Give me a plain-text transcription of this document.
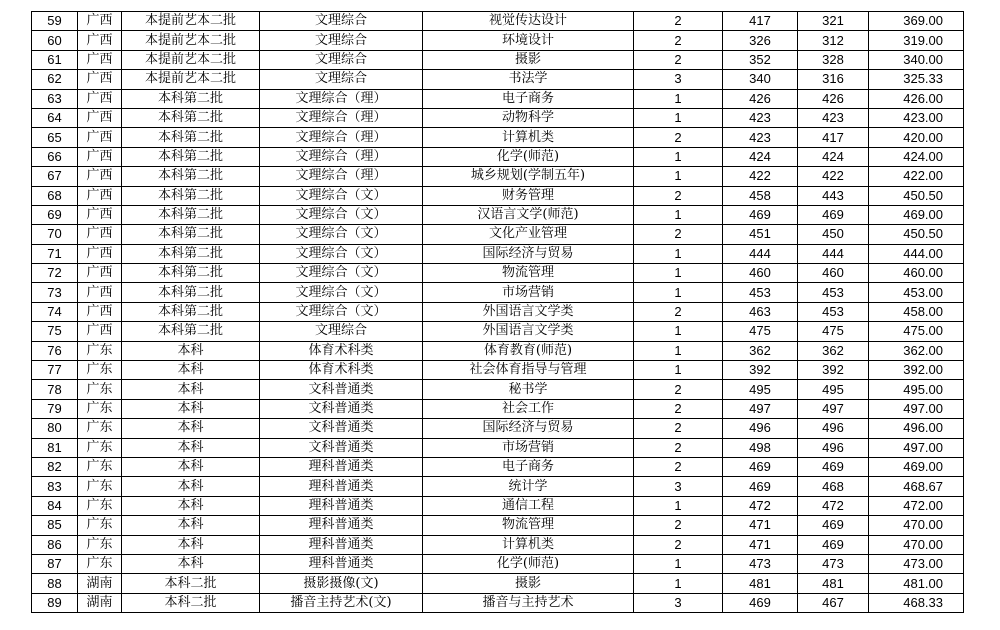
59	广西	本提前艺本二批	文理综合	视觉传达设计	2	417	321	369.00
60	广西	本提前艺本二批	文理综合	环境设计	2	326	312	319.00
61	广西	本提前艺本二批	文理综合	摄影	2	352	328	340.00
62	广西	本提前艺本二批	文理综合	书法学	3	340	316	325.33
63	广西	本科第二批	文理综合（理）	电子商务	1	426	426	426.00
64	广西	本科第二批	文理综合（理）	动物科学	1	423	423	423.00
65	广西	本科第二批	文理综合（理）	计算机类	2	423	417	420.00
66	广西	本科第二批	文理综合（理）	化学(师范)	1	424	424	424.00
67	广西	本科第二批	文理综合（理）	城乡规划(学制五年)	1	422	422	422.00
68	广西	本科第二批	文理综合（文）	财务管理	2	458	443	450.50
69	广西	本科第二批	文理综合（文）	汉语言文学(师范)	1	469	469	469.00
70	广西	本科第二批	文理综合（文）	文化产业管理	2	451	450	450.50
71	广西	本科第二批	文理综合（文）	国际经济与贸易	1	444	444	444.00
72	广西	本科第二批	文理综合（文）	物流管理	1	460	460	460.00
73	广西	本科第二批	文理综合（文）	市场营销	1	453	453	453.00
74	广西	本科第二批	文理综合（文）	外国语言文学类	2	463	453	458.00
75	广西	本科第二批	文理综合	外国语言文学类	1	475	475	475.00
76	广东	本科	体育术科类	体育教育(师范)	1	362	362	362.00
77	广东	本科	体育术科类	社会体育指导与管理	1	392	392	392.00
78	广东	本科	文科普通类	秘书学	2	495	495	495.00
79	广东	本科	文科普通类	社会工作	2	497	497	497.00
80	广东	本科	文科普通类	国际经济与贸易	2	496	496	496.00
81	广东	本科	文科普通类	市场营销	2	498	496	497.00
82	广东	本科	理科普通类	电子商务	2	469	469	469.00
83	广东	本科	理科普通类	统计学	3	469	468	468.67
84	广东	本科	理科普通类	通信工程	1	472	472	472.00
85	广东	本科	理科普通类	物流管理	2	471	469	470.00
86	广东	本科	理科普通类	计算机类	2	471	469	470.00
87	广东	本科	理科普通类	化学(师范)	1	473	473	473.00
88	湖南	本科二批	摄影摄像(文)	摄影	1	481	481	481.00
89	湖南	本科二批	播音主持艺术(文)	播音与主持艺术	3	469	467	468.33
